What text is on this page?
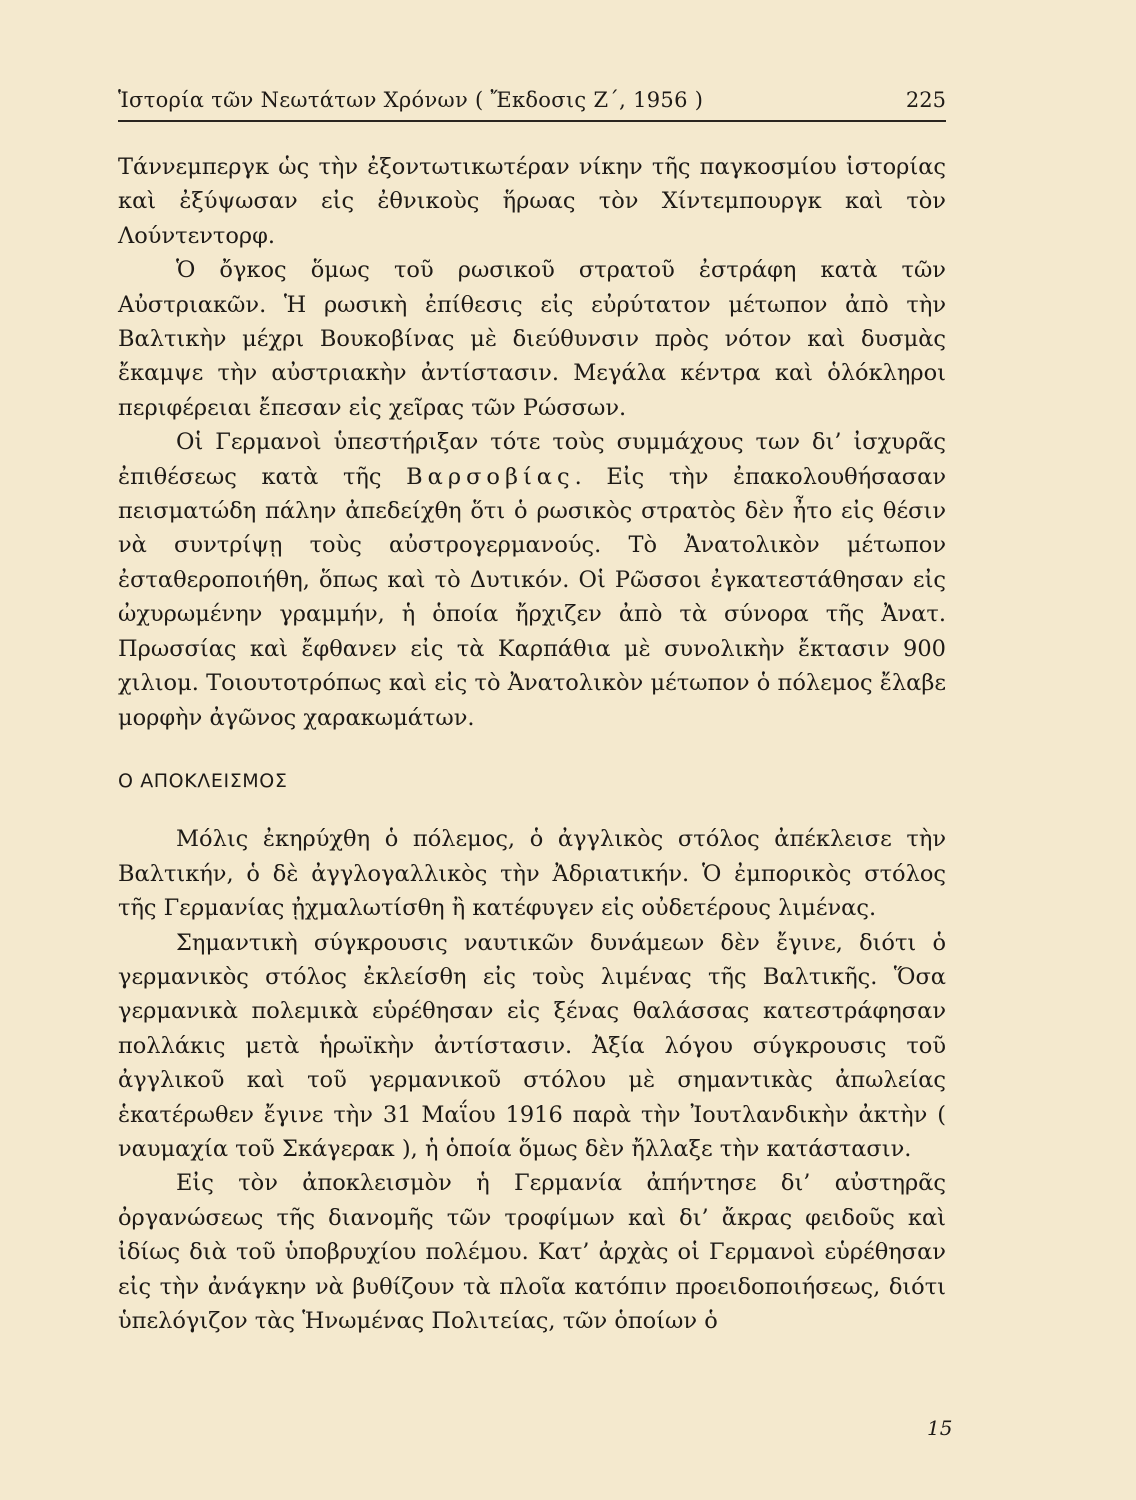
Ἱστορία τῶν Νεωτάτων Χρόνων ( Ἔκδοσις Ζ΄, 1956 )	225

Τάννεμπεργκ ὡς τὴν ἐξοντωτικωτέραν νίκην τῆς παγκοσμίου ἱστορίας καὶ ἐξύψωσαν εἰς ἐθνικοὺς ἥρωας τὸν Χίντεμπουργκ καὶ τὸν Λούντεντορφ.

Ὁ ὄγκος ὅμως τοῦ ρωσικοῦ στρατοῦ ἐστράφη κατὰ τῶν Αὐστριακῶν. Ἡ ρωσικὴ ἐπίθεσις εἰς εὐρύτατον μέτωπον ἀπὸ τὴν Βαλτικὴν μέχρι Βουκοβίνας μὲ διεύθυνσιν πρὸς νότον καὶ δυσμὰς ἔκαμψε τὴν αὐστριακὴν ἀντίστασιν. Μεγάλα κέντρα καὶ ὁλόκληροι περιφέρειαι ἔπεσαν εἰς χεῖρας τῶν Ρώσσων.

Οἱ Γερμανοὶ ὑπεστήριξαν τότε τοὺς συμμάχους των δι’ ἰσχυρᾶς ἐπιθέσεως κατὰ τῆς Βαρσοβίας. Εἰς τὴν ἐπακολουθήσασαν πεισματώδη πάλην ἀπεδείχθη ὅτι ὁ ρωσικὸς στρατὸς δὲν ἦτο εἰς θέσιν νὰ συντρίψῃ τοὺς αὐστρογερμανούς. Τὸ Ἀνατολικὸν μέτωπον ἐσταθεροποιήθη, ὅπως καὶ τὸ Δυτικόν. Οἱ Ρῶσσοι ἐγκατεστάθησαν εἰς ὠχυρωμένην γραμμήν, ἡ ὁποία ἤρχιζεν ἀπὸ τὰ σύνορα τῆς Ἀνατ. Πρωσσίας καὶ ἔφθανεν εἰς τὰ Καρπάθια μὲ συνολικὴν ἔκτασιν 900 χιλιομ. Τοιουτοτρόπως καὶ εἰς τὸ Ἀνατολικὸν μέτωπον ὁ πόλεμος ἔλαβε μορφὴν ἀγῶνος χαρακωμάτων.

Ο ΑΠΟΚΛΕΙΣΜΟΣ

Μόλις ἐκηρύχθη ὁ πόλεμος, ὁ ἀγγλικὸς στόλος ἀπέκλεισε τὴν Βαλτικήν, ὁ δὲ ἀγγλογαλλικὸς τὴν Ἀδριατικήν. Ὁ ἐμπορικὸς στόλος τῆς Γερμανίας ᾐχμαλωτίσθη ἢ κατέφυγεν εἰς οὐδετέρους λιμένας.

Σημαντικὴ σύγκρουσις ναυτικῶν δυνάμεων δὲν ἔγινε, διότι ὁ γερμανικὸς στόλος ἐκλείσθη εἰς τοὺς λιμένας τῆς Βαλτικῆς. Ὅσα γερμανικὰ πολεμικὰ εὑρέθησαν εἰς ξένας θαλάσσας κατεστράφησαν πολλάκις μετὰ ἡρωϊκὴν ἀντίστασιν. Ἀξία λόγου σύγκρουσις τοῦ ἀγγλικοῦ καὶ τοῦ γερμανικοῦ στόλου μὲ σημαντικὰς ἀπωλείας ἑκατέρωθεν ἔγινε τὴν 31 Μαΐου 1916 παρὰ τὴν Ἰουτλανδικὴν ἀκτὴν ( ναυμαχία τοῦ Σκάγεραк ), ἡ ὁποία ὅμως δὲν ἤλλαξε τὴν κατάστασιν.

Εἰς τὸν ἀποκλεισμὸν ἡ Γερμανία ἀπήντησε δι’ αὐστηρᾶς ὀργανώσεως τῆς διανομῆς τῶν τροφίμων καὶ δι’ ἄκρας φειδοῦς καὶ ἰδίως διὰ τοῦ ὑποβρυχίου πολέμου. Κατ’ ἀρχὰς οἱ Γερμανοὶ εὑρέθησαν εἰς τὴν ἀνάγκην νὰ βυθίζουν τὰ πλοῖα κατόπιν προειδοποιήσεως, διότι ὑπελόγιζον τὰς Ἡνωμένας Πολιτείας, τῶν ὁποίων ὁ

15
